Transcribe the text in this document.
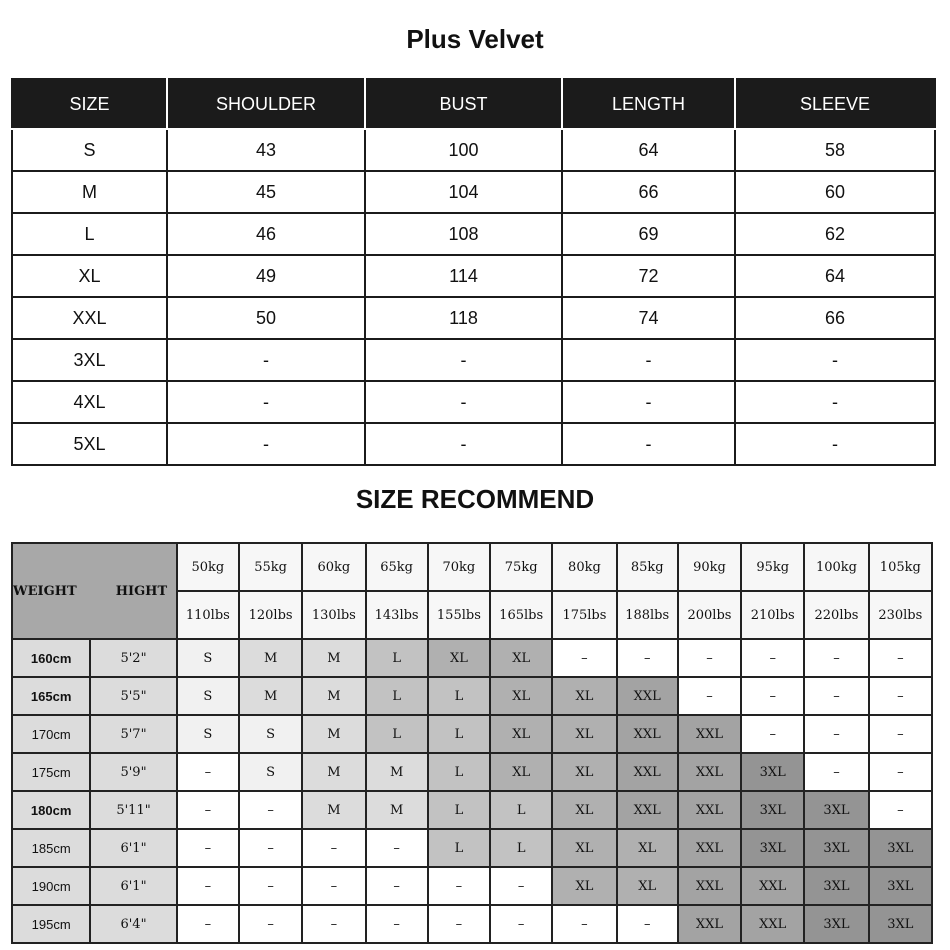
Plus Velvet
SIZE	SHOULDER	BUST	LENGTH	SLEEVE
S	43	100	64	58
M	45	104	66	60
L	46	108	69	62
XL	49	114	72	64
XXL	50	118	74	66
3XL	-	-	-	-
4XL	-	-	-	-
5XL	-	-	-	-
SIZE RECOMMEND
WEIGHT HIGHT		50kg	55kg	60kg	65kg	70kg	75kg	80kg	85kg	90kg	95kg	100kg	105kg
		110lbs	120lbs	130lbs	143lbs	155lbs	165lbs	175lbs	188lbs	200lbs	210lbs	220lbs	230lbs
160cm	5'2"	S	M	M	L	XL	XL	–	–	–	–	–	–
165cm	5'5"	S	M	M	L	L	XL	XL	XXL	–	–	–	–
170cm	5'7"	S	S	M	L	L	XL	XL	XXL	XXL	–	–	–
175cm	5'9"	–	S	M	M	L	XL	XL	XXL	XXL	3XL	–	–
180cm	5'11"	–	–	M	M	L	L	XL	XXL	XXL	3XL	3XL	–
185cm	6'1"	–	–	–	–	L	L	XL	XL	XXL	3XL	3XL	3XL
190cm	6'1"	–	–	–	–	–	–	XL	XL	XXL	XXL	3XL	3XL
195cm	6'4"	–	–	–	–	–	–	–	–	XXL	XXL	3XL	3XL
